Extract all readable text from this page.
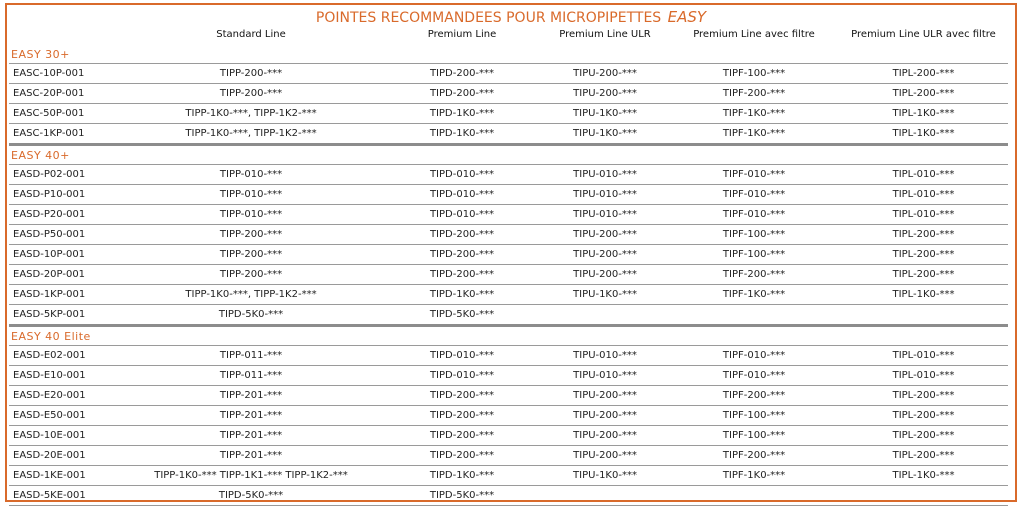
POINTES RECOMMANDEES POUR MICROPIPETTES EASY
	Standard Line	Premium Line	Premium Line ULR	Premium Line avec filtre	Premium Line ULR avec filtre
EASY 30+					
EASC-10P-001	TIPP-200-***	TIPD-200-***	TIPU-200-***	TIPF-100-***	TIPL-200-***
EASC-20P-001	TIPP-200-***	TIPD-200-***	TIPU-200-***	TIPF-200-***	TIPL-200-***
EASC-50P-001	TIPP-1K0-***, TIPP-1K2-***	TIPD-1K0-***	TIPU-1K0-***	TIPF-1K0-***	TIPL-1K0-***
EASC-1KP-001	TIPP-1K0-***, TIPP-1K2-***	TIPD-1K0-***	TIPU-1K0-***	TIPF-1K0-***	TIPL-1K0-***
EASY 40+					
EASD-P02-001	TIPP-010-***	TIPD-010-***	TIPU-010-***	TIPF-010-***	TIPL-010-***
EASD-P10-001	TIPP-010-***	TIPD-010-***	TIPU-010-***	TIPF-010-***	TIPL-010-***
EASD-P20-001	TIPP-010-***	TIPD-010-***	TIPU-010-***	TIPF-010-***	TIPL-010-***
EASD-P50-001	TIPP-200-***	TIPD-200-***	TIPU-200-***	TIPF-100-***	TIPL-200-***
EASD-10P-001	TIPP-200-***	TIPD-200-***	TIPU-200-***	TIPF-100-***	TIPL-200-***
EASD-20P-001	TIPP-200-***	TIPD-200-***	TIPU-200-***	TIPF-200-***	TIPL-200-***
EASD-1KP-001	TIPP-1K0-***, TIPP-1K2-***	TIPD-1K0-***	TIPU-1K0-***	TIPF-1K0-***	TIPL-1K0-***
EASD-5KP-001	TIPD-5K0-***	TIPD-5K0-***			
EASY 40 Elite					
EASD-E02-001	TIPP-011-***	TIPD-010-***	TIPU-010-***	TIPF-010-***	TIPL-010-***
EASD-E10-001	TIPP-011-***	TIPD-010-***	TIPU-010-***	TIPF-010-***	TIPL-010-***
EASD-E20-001	TIPP-201-***	TIPD-200-***	TIPU-200-***	TIPF-200-***	TIPL-200-***
EASD-E50-001	TIPP-201-***	TIPD-200-***	TIPU-200-***	TIPF-100-***	TIPL-200-***
EASD-10E-001	TIPP-201-***	TIPD-200-***	TIPU-200-***	TIPF-100-***	TIPL-200-***
EASD-20E-001	TIPP-201-***	TIPD-200-***	TIPU-200-***	TIPF-200-***	TIPL-200-***
EASD-1KE-001	TIPP-1K0-*** TIPP-1K1-*** TIPP-1K2-***	TIPD-1K0-***	TIPU-1K0-***	TIPF-1K0-***	TIPL-1K0-***
EASD-5KE-001	TIPD-5K0-***	TIPD-5K0-***			
